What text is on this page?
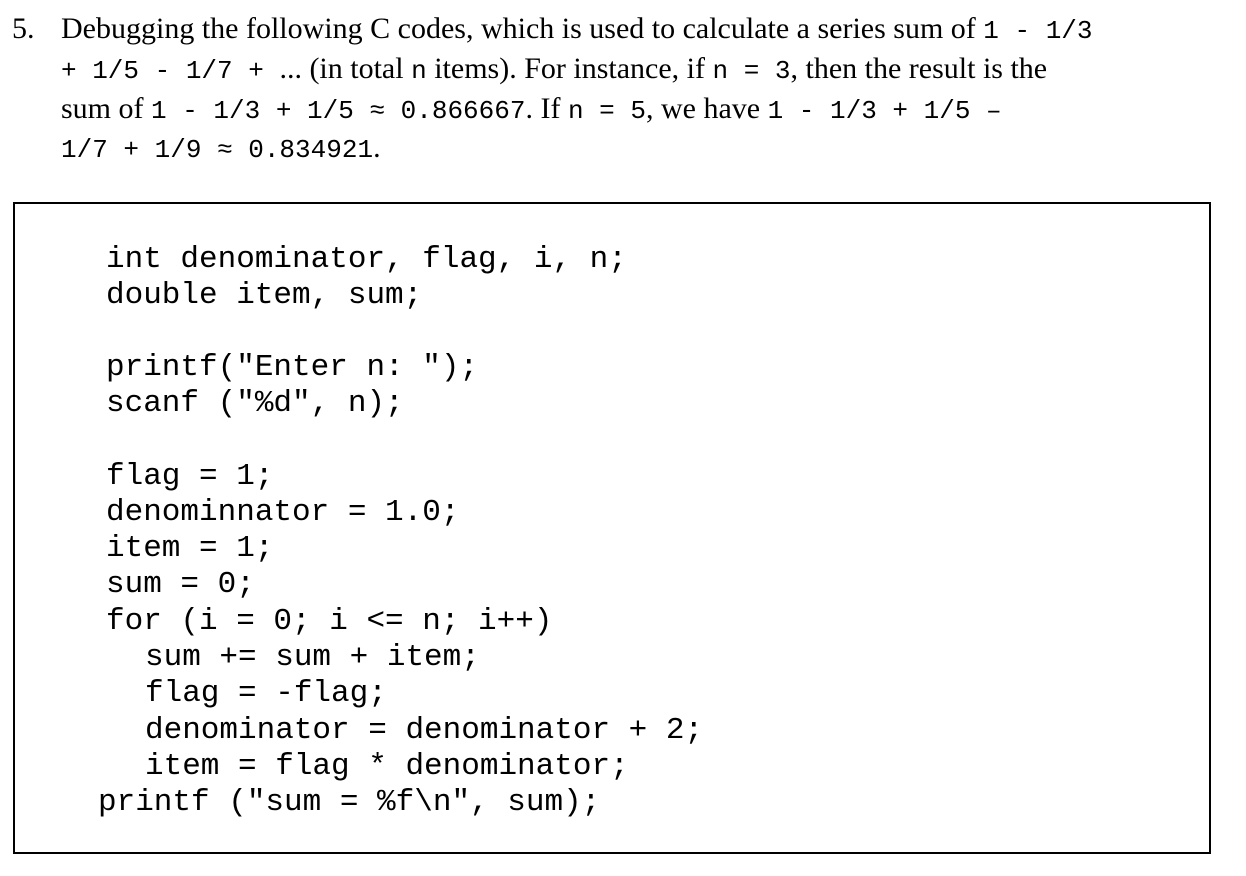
5.

Debugging the following C codes, which is used to calculate a series sum of 1 - 1/3

+ 1/5 - 1/7 + ... (in total n items). For instance, if n = 3, then the result is the
sum of 1 - 1/3 + 1/5 ≈ 0.866667. If n = 5, we have 1 - 1/3 + 1/5 –
1/7 + 1/9 ≈ 0.834921.
int denominator, flag, i, n;
double item, sum;
printf("Enter n: ");
scanf ("%d", n);
flag = 1;
denominnator = 1.0;
item = 1;
sum = 0;
for (i = 0; i <= n; i++)
sum += sum + item;
flag = -flag;
denominator = denominator + 2;
item = flag * denominator;
printf ("sum = %f\n", sum);
